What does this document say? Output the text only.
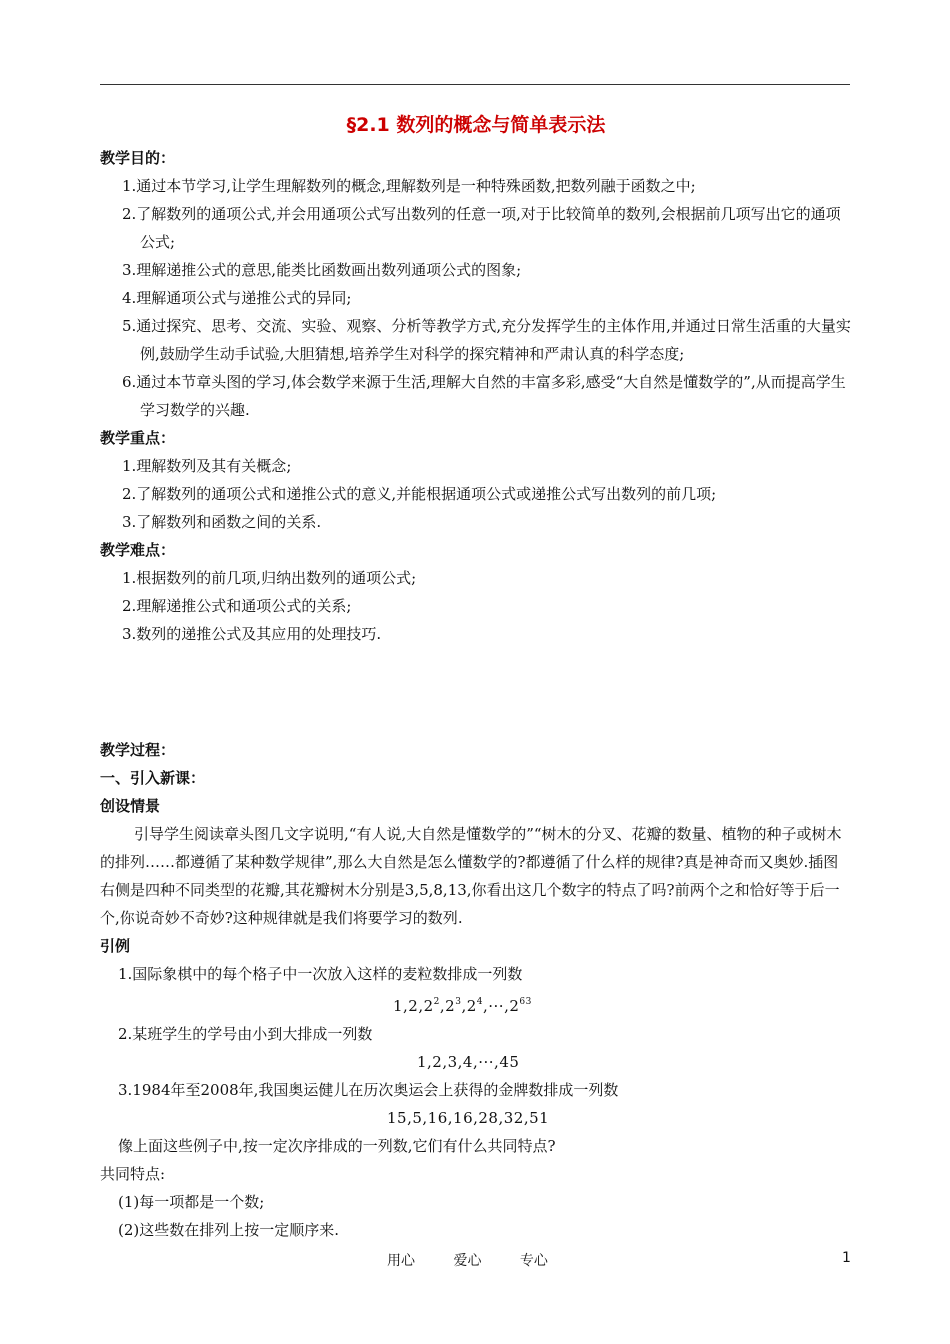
§2.1 数列的概念与简单表示法
教学目的：
1.通过本节学习,让学生理解数列的概念,理解数列是一种特殊函数,把数列融于函数之中;
2.了解数列的通项公式,并会用通项公式写出数列的任意一项,对于比较简单的数列,会根据前几项写出它的通项公式;
3.理解递推公式的意思,能类比函数画出数列通项公式的图象;
4.理解通项公式与递推公式的异同;
5.通过探究、思考、交流、实验、观察、分析等教学方式,充分发挥学生的主体作用,并通过日常生活重的大量实例,鼓励学生动手试验,大胆猜想,培养学生对科学的探究精神和严肃认真的科学态度;
6.通过本节章头图的学习,体会数学来源于生活,理解大自然的丰富多彩,感受“大自然是懂数学的”,从而提高学生学习数学的兴趣.
教学重点：
1.理解数列及其有关概念;
2.了解数列的通项公式和递推公式的意义,并能根据通项公式或递推公式写出数列的前几项;
3.了解数列和函数之间的关系.
教学难点：
1.根据数列的前几项,归纳出数列的通项公式;
2.理解递推公式和通项公式的关系;
3.数列的递推公式及其应用的处理技巧.
教学过程：
一、引入新课：
创设情景
引导学生阅读章头图几文字说明,“有人说,大自然是懂数学的”“树木的分叉、花瓣的数量、植物的种子或树木的排列……都遵循了某种数学规律”,那么大自然是怎么懂数学的?都遵循了什么样的规律?真是神奇而又奥妙.插图右侧是四种不同类型的花瓣,其花瓣树木分别是3,5,8,13,你看出这几个数字的特点了吗?前两个之和恰好等于后一个,你说奇妙不奇妙?这种规律就是我们将要学习的数列.
引例
1.国际象棋中的每个格子中一次放入这样的麦粒数排成一列数
$1,2,2^2,2^3,2^4,\cdot\cdot\cdot,2^{63}$
2.某班学生的学号由小到大排成一列数
1,2,3,4,···,45
3.1984年至2008年,我国奥运健儿在历次奥运会上获得的金牌数排成一列数
15,5,16,16,28,32,51
像上面这些例子中,按一定次序排成的一列数,它们有什么共同特点?
共同特点:
(1)每一项都是一个数;
(2)这些数在排列上按一定顺序来.
用心	爱心	专心	1
